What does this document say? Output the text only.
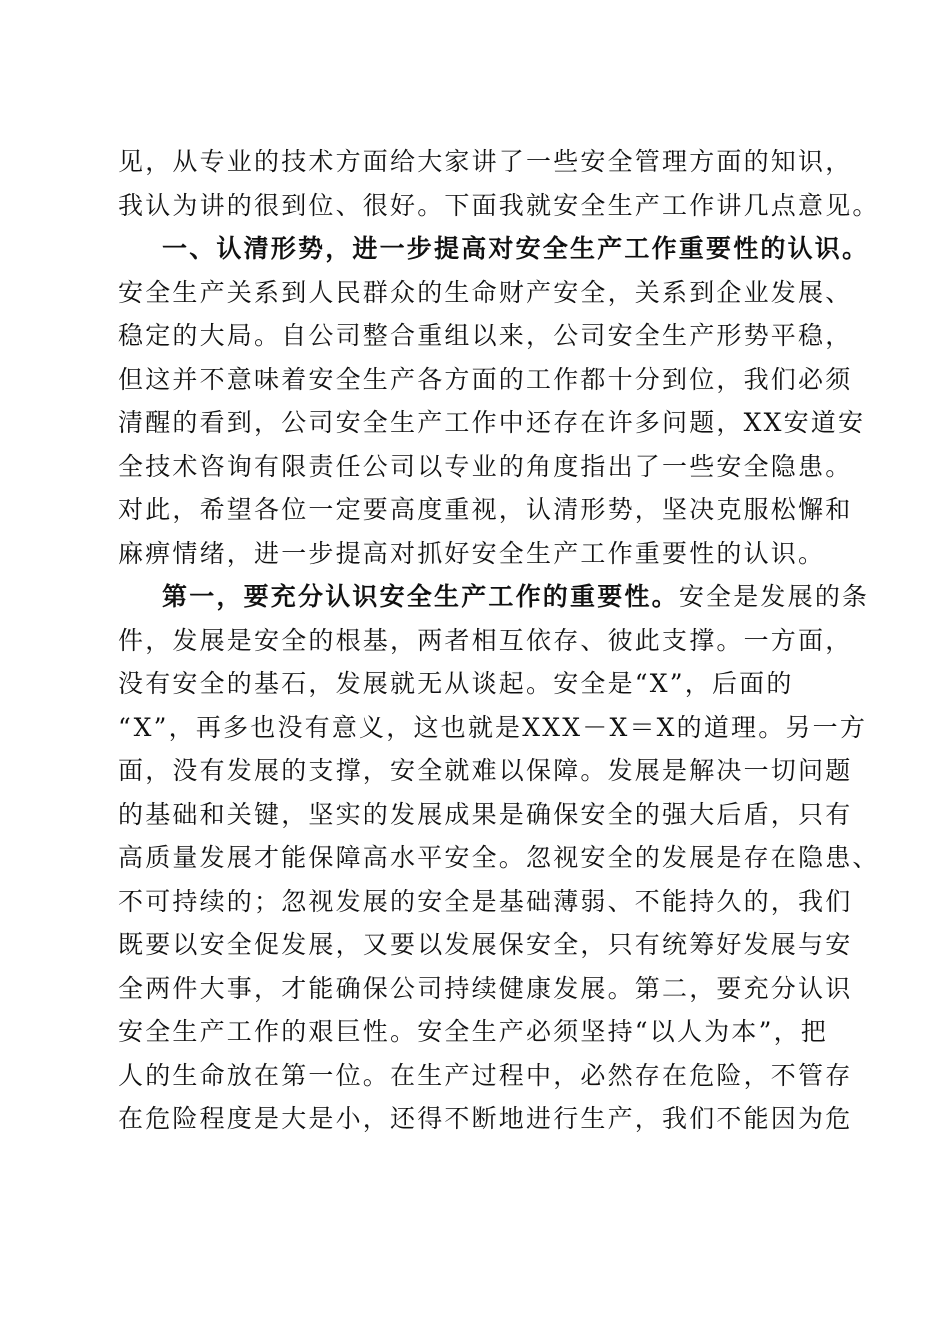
见，从专业的技术方面给大家讲了一些安全管理方面的知识，
我认为讲的很到位、很好。下面我就安全生产工作讲几点意见。
一、认清形势，进一步提高对安全生产工作重要性的认识。
安全生产关系到人民群众的生命财产安全，关系到企业发展、
稳定的大局。自公司整合重组以来，公司安全生产形势平稳，
但这并不意味着安全生产各方面的工作都十分到位，我们必须
清醒的看到，公司安全生产工作中还存在许多问题，XX安道安
全技术咨询有限责任公司以专业的角度指出了一些安全隐患。
对此，希望各位一定要高度重视，认清形势，坚决克服松懈和
麻痹情绪，进一步提高对抓好安全生产工作重要性的认识。
第一，要充分认识安全生产工作的重要性。安全是发展的条
件，发展是安全的根基，两者相互依存、彼此支撑。一方面，
没有安全的基石，发展就无从谈起。安全是“X”，后面的
“X”，再多也没有意义，这也就是XXX－X＝X的道理。另一方
面，没有发展的支撑，安全就难以保障。发展是解决一切问题
的基础和关键，坚实的发展成果是确保安全的强大后盾，只有
高质量发展才能保障高水平安全。忽视安全的发展是存在隐患、
不可持续的；忽视发展的安全是基础薄弱、不能持久的，我们
既要以安全促发展，又要以发展保安全，只有统筹好发展与安
全两件大事，才能确保公司持续健康发展。第二，要充分认识
安全生产工作的艰巨性。安全生产必须坚持“以人为本”，把
人的生命放在第一位。在生产过程中，必然存在危险，不管存
在危险程度是大是小，还得不断地进行生产，我们不能因为危
